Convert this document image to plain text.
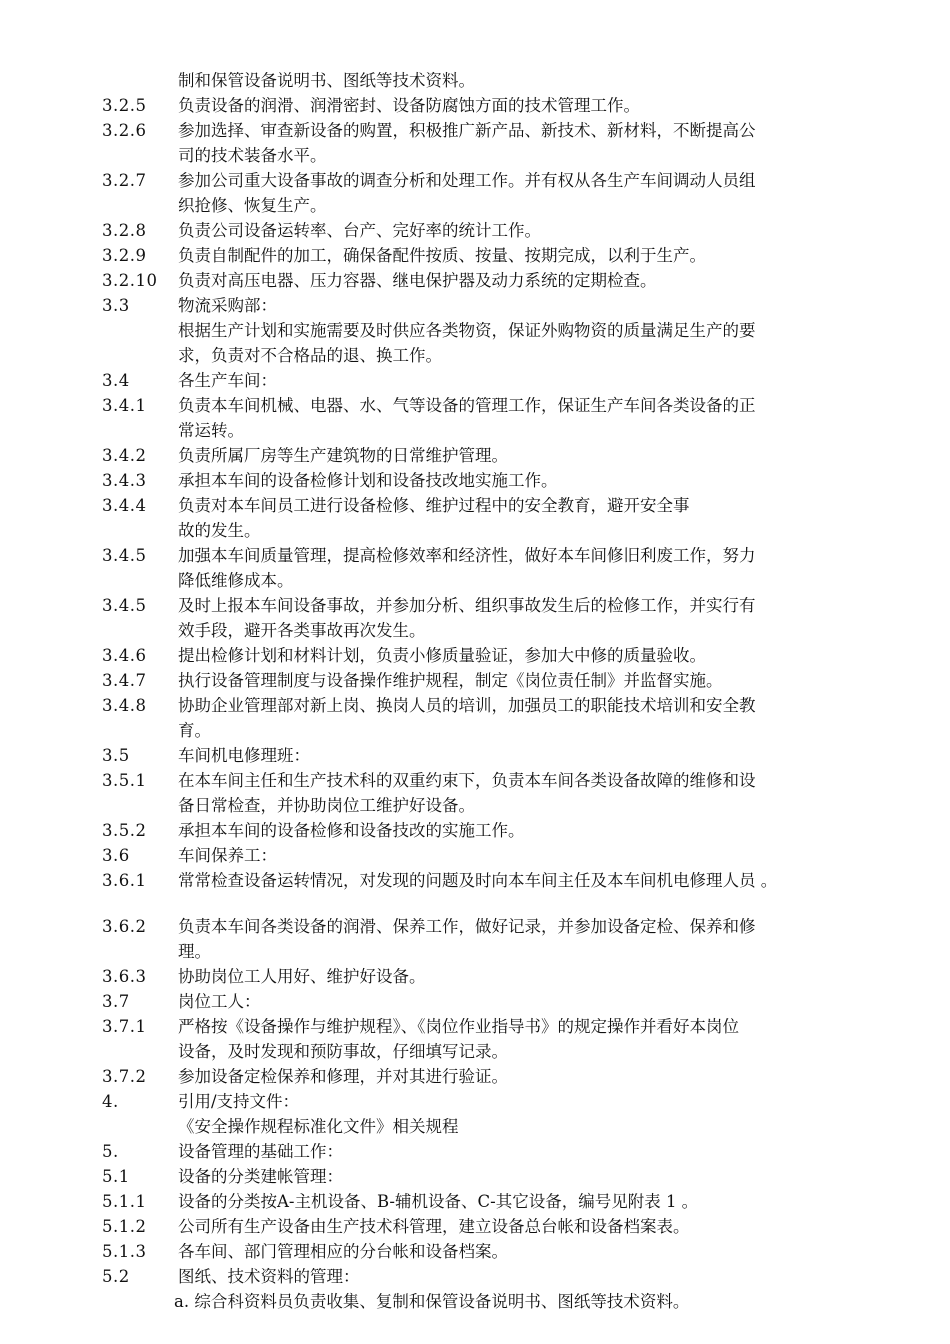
制和保管设备说明书、图纸等技术资料。
3.2.5 负责设备的润滑、润滑密封、设备防腐蚀方面的技术管理工作。
3.2.6 参加选择、审查新设备的购置，积极推广新产品、新技术、新材料，不断提高公
司的技术装备水平。
3.2.7 参加公司重大设备事故的调查分析和处理工作。并有权从各生产车间调动人员组
织抢修、恢复生产。
3.2.8 负责公司设备运转率、台产、完好率的统计工作。
3.2.9 负责自制配件的加工，确保备配件按质、按量、按期完成，以利于生产。
3.2.10 负责对高压电器、压力容器、继电保护器及动力系统的定期检查。
3.3	物流采购部：
根据生产计划和实施需要及时供应各类物资，保证外购物资的质量满足生产的要
求，负责对不合格品的退、换工作。
3.4	各生产车间：
3.4.1 负责本车间机械、电器、水、气等设备的管理工作，保证生产车间各类设备的正
常运转。
3.4.2 负责所属厂房等生产建筑物的日常维护管理。
3.4.3 承担本车间的设备检修计划和设备技改地实施工作。
3.4.4 负责对本车间员工进行设备检修、维护过程中的安全教育，避开安全事
故的发生。
3.4.5 加强本车间质量管理，提高检修效率和经济性，做好本车间修旧利废工作，努力
降低维修成本。
3.4.5 及时上报本车间设备事故，并参加分析、组织事故发生后的检修工作，并实行有
效手段，避开各类事故再次发生。
3.4.6 提出检修计划和材料计划，负责小修质量验证，参加大中修的质量验收。
3.4.7 执行设备管理制度与设备操作维护规程，制定《岗位责任制》并监督实施。
3.4.8 协助企业管理部对新上岗、换岗人员的培训，加强员工的职能技术培训和安全教
育。
3.5	车间机电修理班：
3.5.1 在本车间主任和生产技术科的双重约束下，负责本车间各类设备故障的维修和设
备日常检查，并协助岗位工维护好设备。
3.5.2 承担本车间的设备检修和设备技改的实施工作。
3.6	车间保养工：
3.6.1 常常检查设备运转情况，对发现的问题及时向本车间主任及本车间机电修理人员 。
3.6.2 负责本车间各类设备的润滑、保养工作，做好记录，并参加设备定检、保养和修
理。
3.6.3 协助岗位工人用好、维护好设备。
3.7	岗位工人：
3.7.1 严格按《设备操作与维护规程》、《岗位作业指导书》的规定操作并看好本岗位
设备，及时发现和预防事故，仔细填写记录。
3.7.2 参加设备定检保养和修理，并对其进行验证。
4.	引用/支持文件：
《安全操作规程标准化文件》相关规程
5.	设备管理的基础工作：
5.1	设备的分类建帐管理：
5.1.1 设备的分类按A-主机设备、B-辅机设备、C-其它设备，编号见附表 1 。
5.1.2 公司所有生产设备由生产技术科管理，建立设备总台帐和设备档案表。
5.1.3 各车间、部门管理相应的分台帐和设备档案。
5.2	图纸、技术资料的管理：
a. 综合科资料员负责收集、复制和保管设备说明书、图纸等技术资料。
